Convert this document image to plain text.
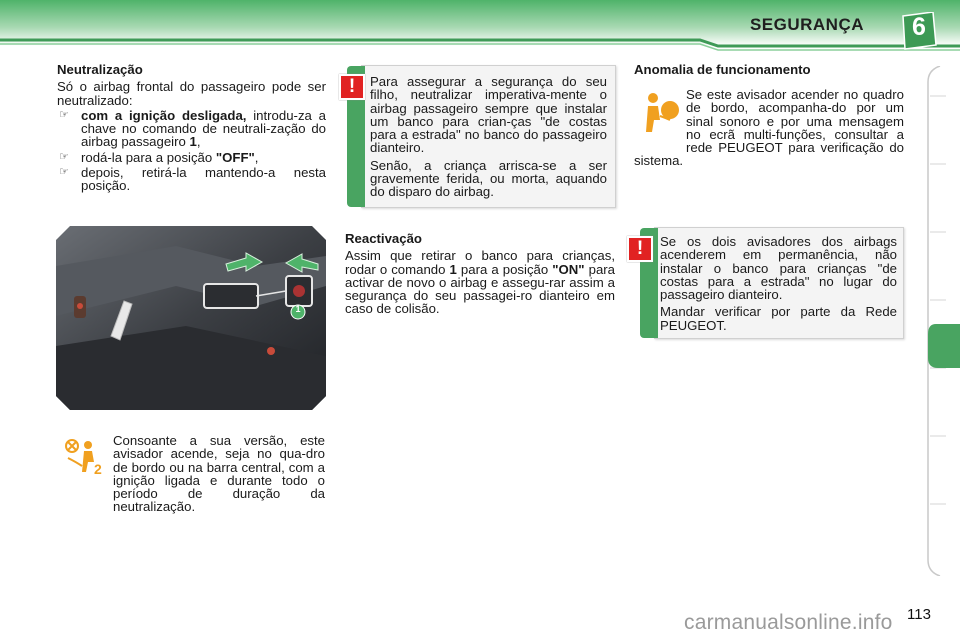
SEGURANÇA	6

Neutralização

Só o airbag frontal do passageiro pode ser neutralizado:

☞ com a ignição desligada, introdu-za a chave no comando de neutrali-zação do airbag passageiro 1,
☞ rodá-la para a posição "OFF",
☞ depois, retirá-la mantendo-a nesta posição.
1
2

Consoante a sua versão, este avisador acende, seja no qua-dro de bordo ou na barra central, com a ignição ligada e durante todo o período de duração da neutralização.

Para assegurar a segurança do seu filho, neutralizar imperativa-mente o airbag passageiro sempre que instalar um banco para crian-ças "de costas para a estrada" no banco do passageiro dianteiro.

Senão, a criança arrisca-se a ser gravemente ferida, ou morta, aquando do disparo do airbag.

!

Reactivação

Assim que retirar o banco para crianças, rodar o comando 1 para a posição "ON" para activar de novo o airbag e assegu-rar assim a segurança do seu passagei-ro dianteiro em caso de colisão.

Anomalia de funcionamento

Se este avisador acender no quadro de bordo, acompanha-do por um sinal sonoro e por uma mensagem no ecrã multi-funções, consultar a rede PEUGEOT para verificação do sistema.

Se os dois avisadores dos airbags acenderem em permanência, não instalar o banco para crianças "de costas para a estrada" no lugar do passageiro dianteiro.

Mandar verificar por parte da Rede PEUGEOT.

!
carmanualsonline.info 113
